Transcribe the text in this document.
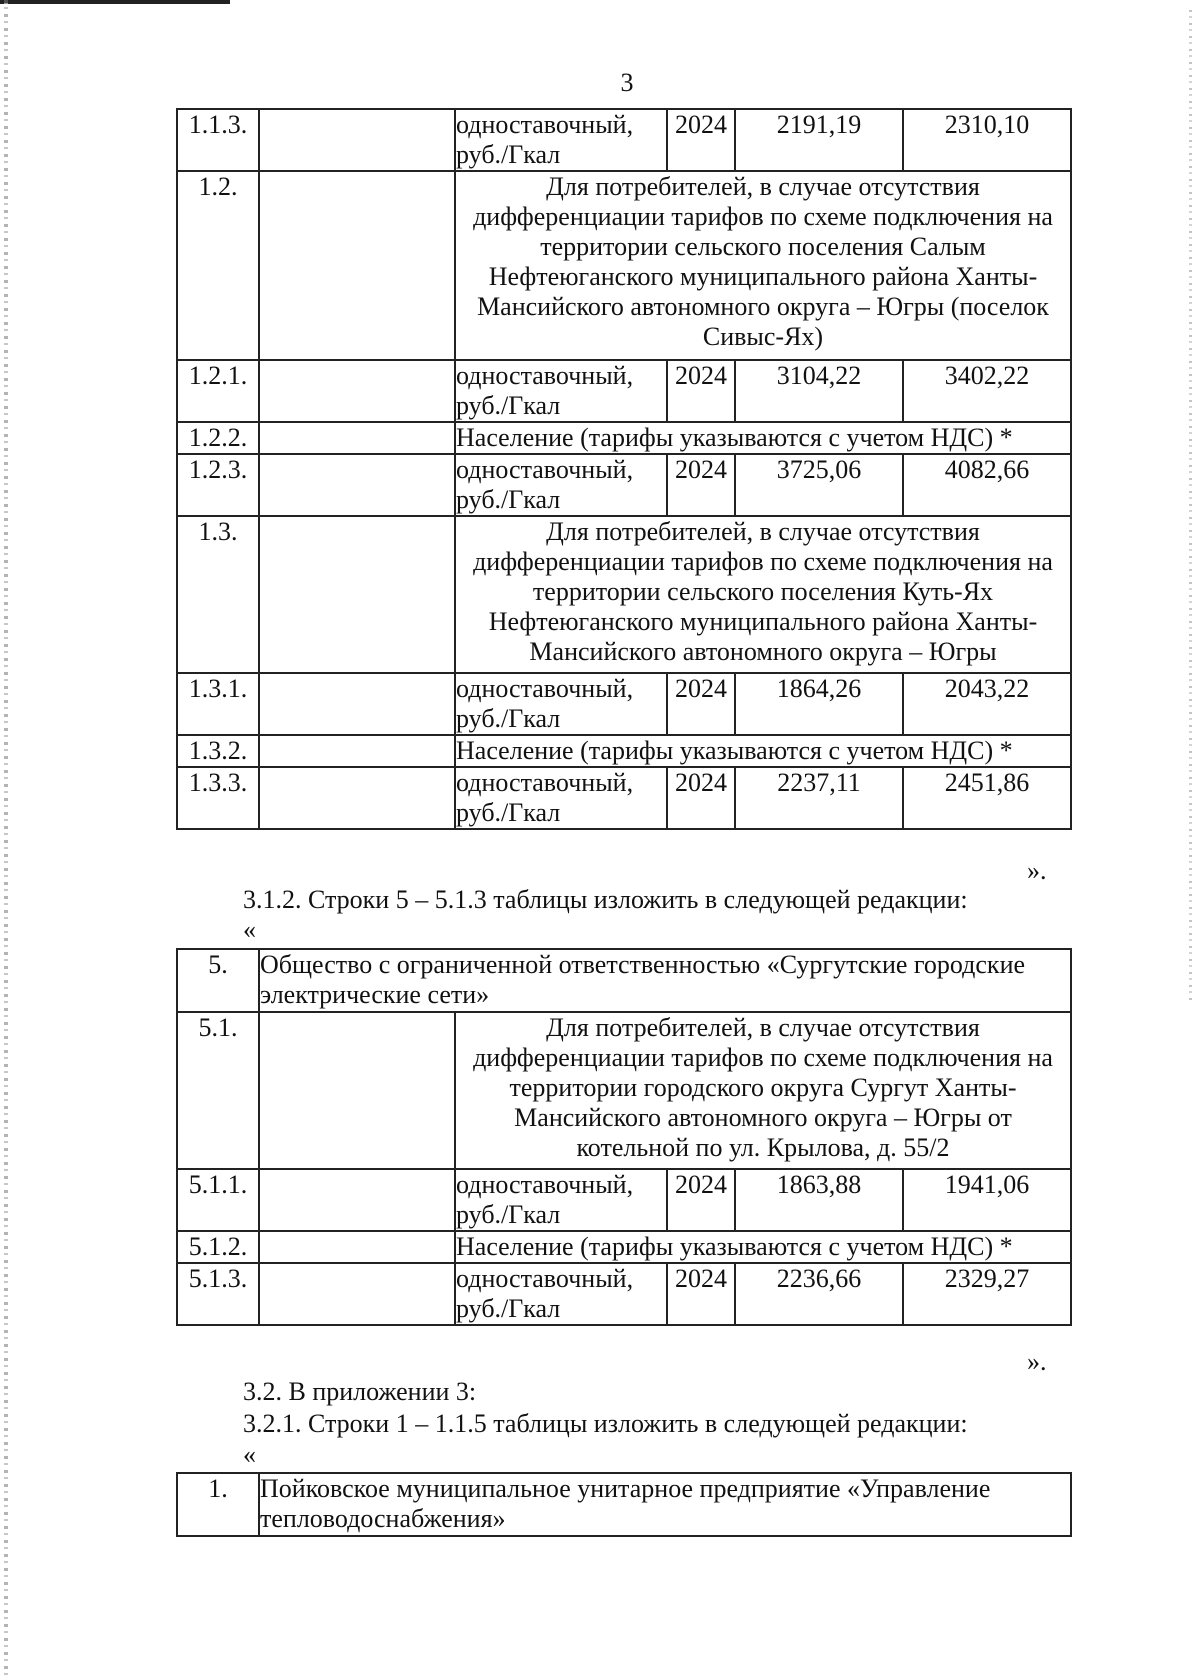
3
1.1.3.		одноставочный, руб./Гкал	2024	2191,19	2310,10
1.2.		Для потребителей, в случае отсутствия дифференциации тарифов по схеме подключения на территории сельского поселения Салым Нефтеюганского муниципального района Ханты-Мансийского автономного округа – Югры (поселок Сивыс-Ях)			
1.2.1.		одноставочный, руб./Гкал	2024	3104,22	3402,22
1.2.2.		Население (тарифы указываются с учетом НДС) *			
1.2.3.		одноставочный, руб./Гкал	2024	3725,06	4082,66
1.3.		Для потребителей, в случае отсутствия дифференциации тарифов по схеме подключения на территории сельского поселения Куть-Ях Нефтеюганского муниципального района Ханты-Мансийского автономного округа – Югры			
1.3.1.		одноставочный, руб./Гкал	2024	1864,26	2043,22
1.3.2.		Население (тарифы указываются с учетом НДС) *			
1.3.3.		одноставочный, руб./Гкал	2024	2237,11	2451,86
».
3.1.2. Строки 5 – 5.1.3 таблицы изложить в следующей редакции:
«
5.	Общество с ограниченной ответственностью «Сургутские городские электрические сети»				
5.1.		Для потребителей, в случае отсутствия дифференциации тарифов по схеме подключения на территории городского округа Сургут Ханты-Мансийского автономного округа – Югры от котельной по ул. Крылова, д. 55/2			
5.1.1.		одноставочный, руб./Гкал	2024	1863,88	1941,06
5.1.2.		Население (тарифы указываются с учетом НДС) *			
5.1.3.		одноставочный, руб./Гкал	2024	2236,66	2329,27
».
3.2. В приложении 3:
3.2.1. Строки 1 – 1.1.5 таблицы изложить в следующей редакции:
«
1.	Пойковское муниципальное унитарное предприятие «Управление тепловодоснабжения»
